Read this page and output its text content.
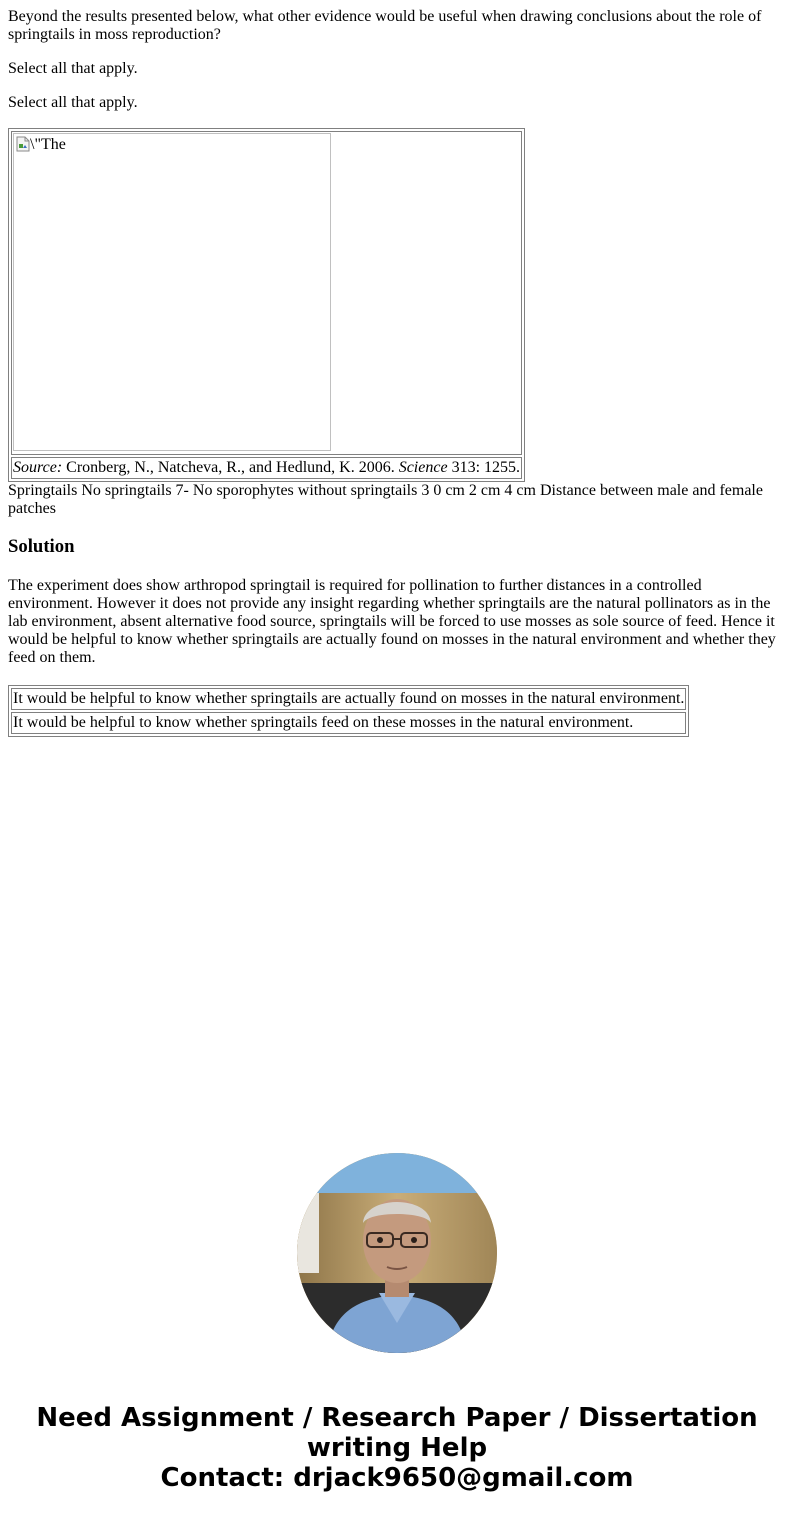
Beyond the results presented below, what other evidence would be useful when drawing conclusions about the role of springtails in moss reproduction?

Select all that apply.

Select all that apply.

\"The

Source: Cronberg, N., Natcheva, R., and Hedlund, K. 2006. Science 313: 1255.
Springtails No springtails 7- No sporophytes without springtails 3 0 cm 2 cm 4 cm Distance between male and female patches
Solution

The experiment does show arthropod springtail is required for pollination to further distances in a controlled environment. However it does not provide any insight regarding whether springtails are the natural pollinators as in the lab environment, absent alternative food source, springtails will be forced to use mosses as sole source of feed. Hence it would be helpful to know whether springtails are actually found on mosses in the natural environment and whether they feed on them.

It would be helpful to know whether springtails are actually found on mosses in the natural environment.
It would be helpful to know whether springtails feed on these mosses in the natural environment.
Need Assignment / Research Paper / Dissertation writing Help
Contact: drjack9650@gmail.com
